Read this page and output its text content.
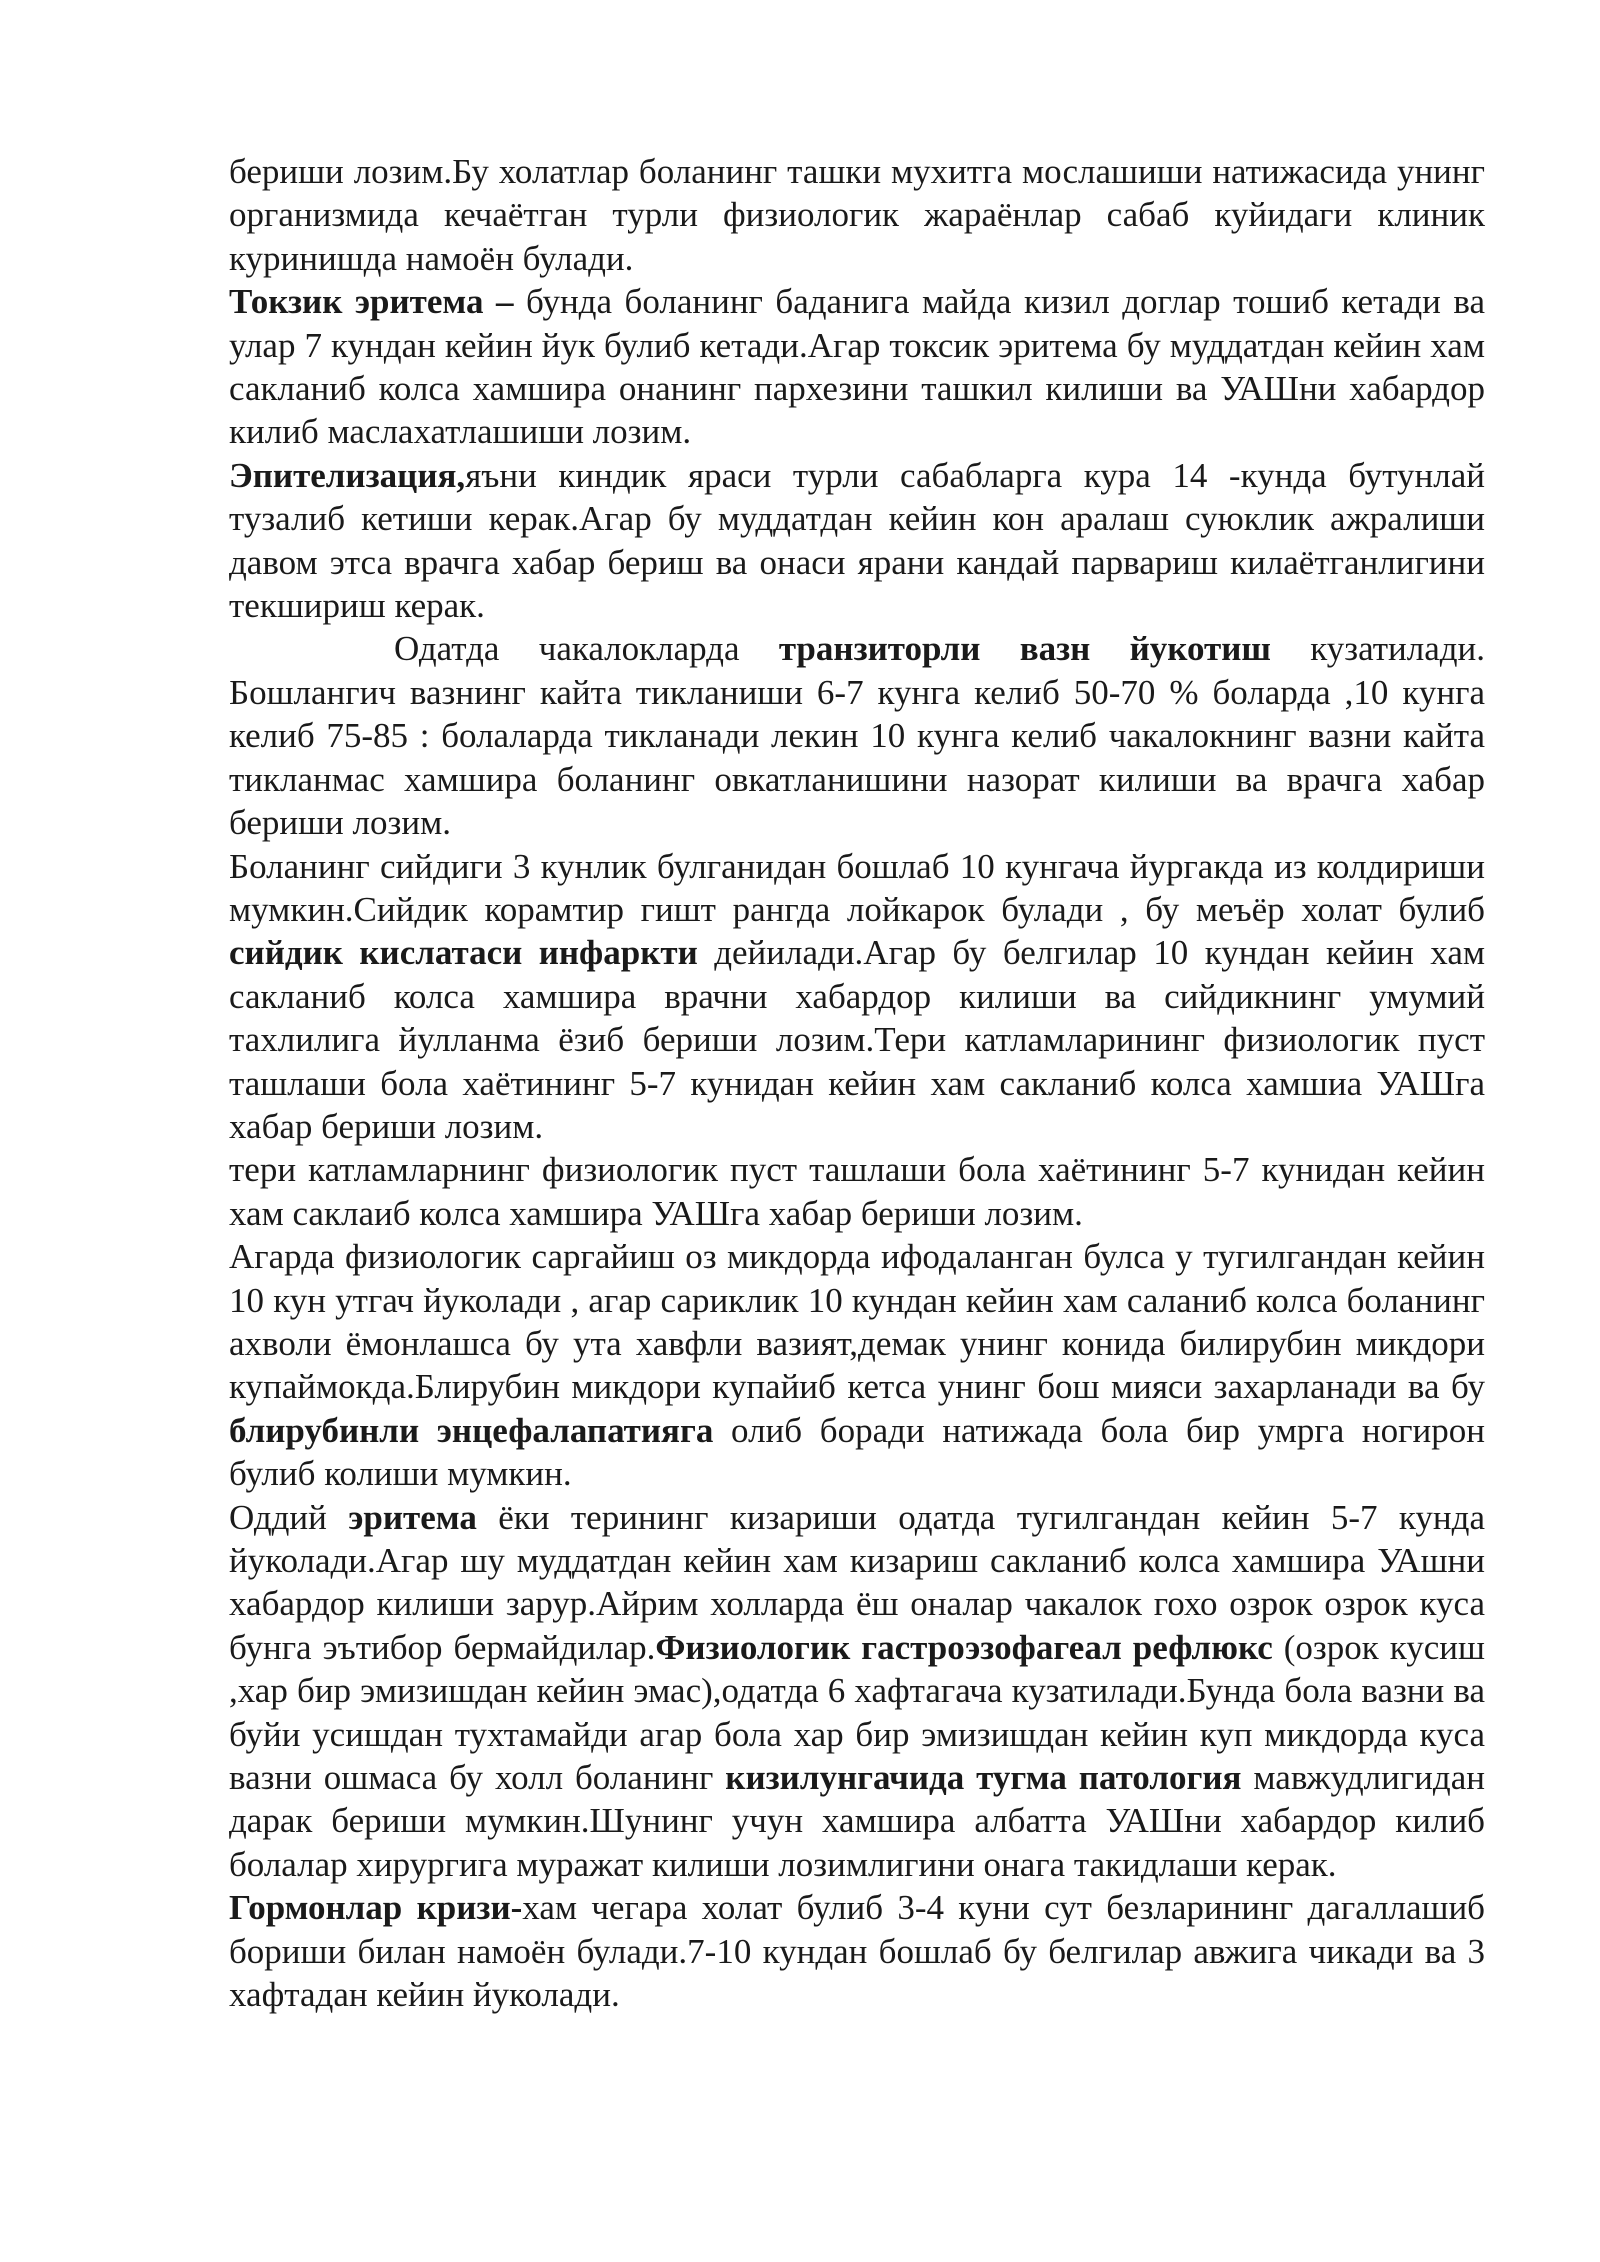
бериши лозим.Бу холатлар боланинг ташки мухитга мослашиши натижасида унинг организмида кечаётган турли физиологик жараёнлар сабаб куйидаги клиник куринишда намоён булади.

Токзик эритема – бунда боланинг баданига майда кизил доглар тошиб кетади ва улар 7 кундан кейин йук булиб кетади.Агар токсик эритема бу муддатдан кейин хам сакланиб колса хамшира онанинг пархезини ташкил килиши ва УАШни хабардор килиб маслахатлашиши лозим.

Эпителизация,яъни киндик яраси турли сабабларга кура 14 -кунда бутунлай тузалиб кетиши керак.Агар бу муддатдан кейин кон аралаш суюклик ажралиши давом этса врачга хабар бериш ва онаси ярани кандай парвариш килаётганлигини текшириш керак.

Одатда чакалокларда транзиторли вазн йукотиш кузатилади. Бошлангич вазнинг кайта тикланиши 6-7 кунга келиб 50-70 % боларда ,10 кунга келиб 75-85 : болаларда тикланади лекин 10 кунга келиб чакалокнинг вазни кайта тикланмас хамшира боланинг овкатланишини назорат килиши ва врачга хабар бериши лозим.

Боланинг сийдиги 3 кунлик булганидан бошлаб 10 кунгача йургакда из колдириши мумкин.Сийдик корамтир гишт рангда лойкарок булади , бу меъёр холат булиб сийдик кислатаси инфаркти дейилади.Агар бу белгилар 10 кундан кейин хам сакланиб колса хамшира врачни хабардор килиши ва сийдикнинг умумий тахлилига йулланма ёзиб бериши лозим.Тери катламларининг физиологик пуст ташлаши бола хаётининг 5-7 кунидан кейин хам сакланиб колса хамшиа УАШга хабар бериши лозим.

тери катламларнинг физиологик пуст ташлаши бола хаётининг 5-7 кунидан кейин хам саклаиб колса хамшира УАШга хабар бериши лозим.

Агарда физиологик саргайиш оз микдорда ифодаланган булса у тугилгандан кейин 10 кун утгач йуколади , агар сариклик 10 кундан кейин хам саланиб колса боланинг ахволи ёмонлашса бу ута хавфли вазият,демак унинг конида билирубин микдори купаймокда.Блирубин микдори купайиб кетса унинг бош мияси захарланади ва бу блирубинли энцефалапатияга олиб боради натижада бола бир умрга ногирон булиб колиши мумкин.

Оддий эритема ёки терининг кизариши одатда тугилгандан кейин 5-7 кунда йуколади.Агар шу муддатдан кейин хам кизариш сакланиб колса хамшира УАшни хабардор килиши зарур.Айрим холларда ёш оналар чакалок гохо озрок озрок куса бунга эътибор бермайдилар.Физиологик гастроэзофагеал рефлюкс (озрок кусиш ,хар бир эмизишдан кейин эмас),одатда 6 хафтагача кузатилади.Бунда бола вазни ва буйи усишдан тухтамайди агар бола хар бир эмизишдан кейин куп микдорда куса вазни ошмаса бу холл боланинг кизилунгачида тугма патология мавжудлигидан дарак бериши мумкин.Шунинг учун хамшира албатта УАШни хабардор килиб болалар хирургига муражат килиши лозимлигини онага такидлаши керак.

Гормонлар кризи-хам чегара холат булиб 3-4 куни сут безларининг дагаллашиб бориши билан намоён булади.7-10 кундан бошлаб бу белгилар авжига чикади ва 3 хафтадан кейин йуколади.
